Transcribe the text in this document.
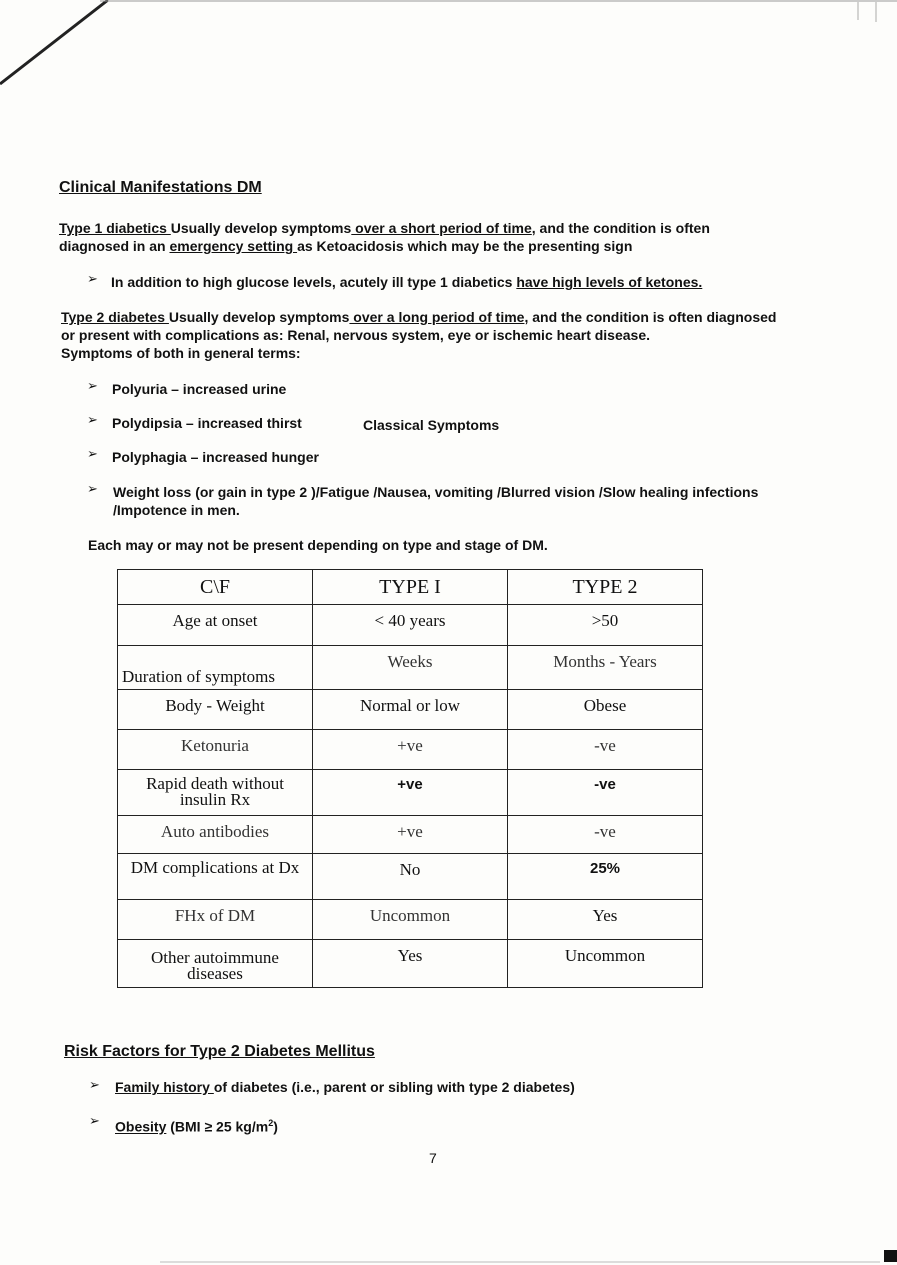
Clinical Manifestations DM
Type 1 diabetics Usually develop symptoms over a short period of time, and the condition is often
diagnosed in an emergency setting as Ketoacidosis which may be the presenting sign
➢ In addition to high glucose levels, acutely ill type 1 diabetics have high levels of ketones.
Type 2 diabetes Usually develop symptoms over a long period of time, and the condition is often diagnosed
or present with complications as: Renal, nervous system, eye or ischemic heart disease.
Symptoms of both in general terms:
➢ Polyuria – increased urine
➢ Polydipsia – increased thirst	Classical Symptoms
➢ Polyphagia – increased hunger
➢ Weight loss (or gain in type 2 )/Fatigue /Nausea, vomiting /Blurred vision /Slow healing infections
/Impotence in men.
Each may or may not be present depending on type and stage of DM.
C\F	TYPE I	TYPE 2
Age at onset	< 40 years	>50
Duration of symptoms	Weeks	Months - Years
Body - Weight	Normal or low	Obese
Ketonuria	+ve	-ve
Rapid death without insulin Rx	+ve	-ve
Auto antibodies	+ve	-ve
DM complications at Dx	No	25%
FHx of DM	Uncommon	Yes
Other autoimmune diseases	Yes	Uncommon
Risk Factors for Type 2 Diabetes Mellitus
➢ Family history of diabetes (i.e., parent or sibling with type 2 diabetes)
➢ Obesity (BMI ≥ 25 $kg/m^2$)
7
